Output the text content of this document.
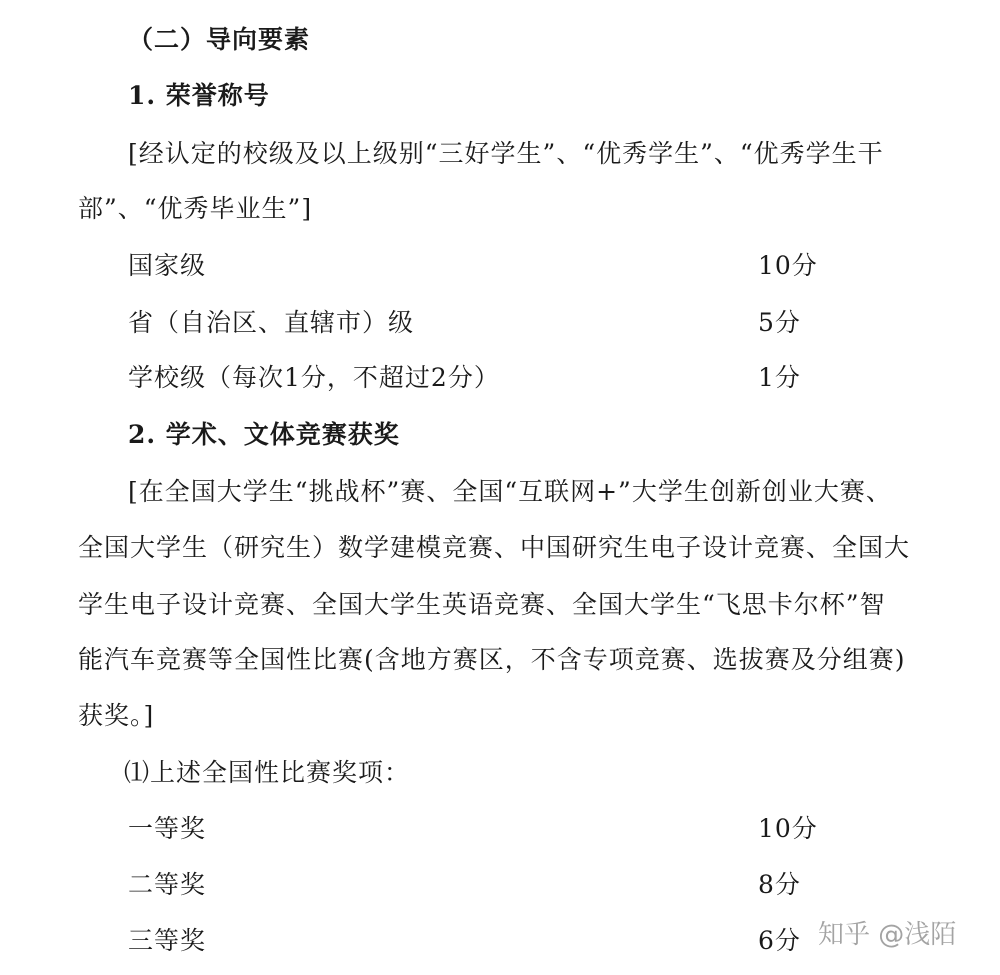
（二）导向要素
1. 荣誉称号
[经认定的校级及以上级别“三好学生”、“优秀学生”、“优秀学生干
部”、“优秀毕业生”]
国家级	10分
省（自治区、直辖市）级	5分
学校级（每次1分，不超过2分）	1分
2. 学术、文体竞赛获奖
[在全国大学生“挑战杯”赛、全国“互联网+”大学生创新创业大赛、
全国大学生（研究生）数学建模竞赛、中国研究生电子设计竞赛、全国大
学生电子设计竞赛、全国大学生英语竞赛、全国大学生“飞思卡尔杯”智
能汽车竞赛等全国性比赛(含地方赛区，不含专项竞赛、选拔赛及分组赛)
获奖。]
⑴上述全国性比赛奖项：
一等奖	10分
二等奖	8分
三等奖	6分 知乎 @浅陌
